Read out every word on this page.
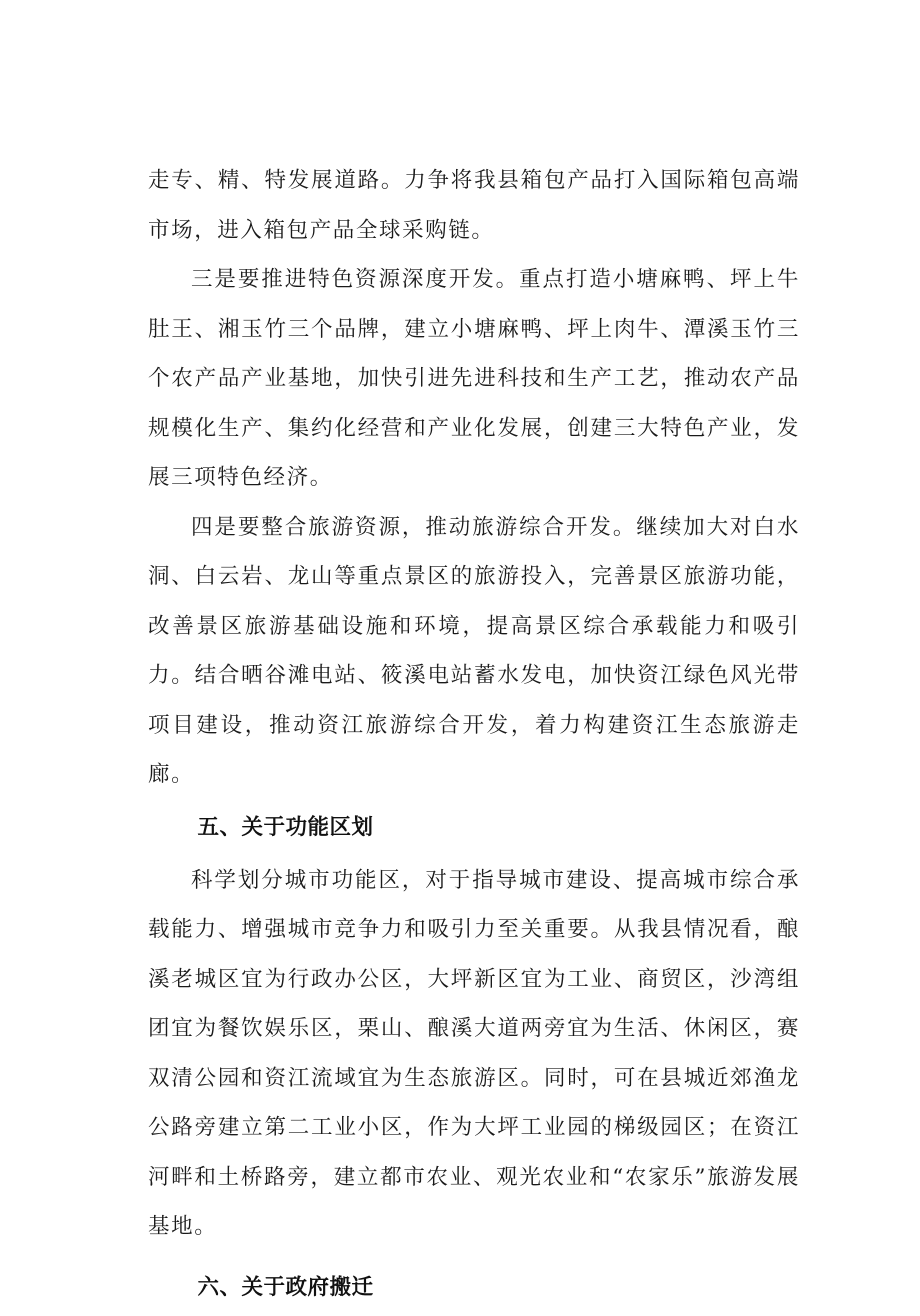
走专、精、特发展道路。力争将我县箱包产品打入国际箱包高端市场，进入箱包产品全球采购链。

三是要推进特色资源深度开发。重点打造小塘麻鸭、坪上牛肚王、湘玉竹三个品牌，建立小塘麻鸭、坪上肉牛、潭溪玉竹三个农产品产业基地，加快引进先进科技和生产工艺，推动农产品规模化生产、集约化经营和产业化发展，创建三大特色产业，发展三项特色经济。

四是要整合旅游资源，推动旅游综合开发。继续加大对白水洞、白云岩、龙山等重点景区的旅游投入，完善景区旅游功能，改善景区旅游基础设施和环境，提高景区综合承载能力和吸引力。结合晒谷滩电站、筱溪电站蓄水发电，加快资江绿色风光带项目建设，推动资江旅游综合开发，着力构建资江生态旅游走廊。

五、关于功能区划

科学划分城市功能区，对于指导城市建设、提高城市综合承载能力、增强城市竞争力和吸引力至关重要。从我县情况看，酿溪老城区宜为行政办公区，大坪新区宜为工业、商贸区，沙湾组团宜为餐饮娱乐区，栗山、酿溪大道两旁宜为生活、休闲区，赛双清公园和资江流域宜为生态旅游区。同时，可在县城近郊渔龙公路旁建立第二工业小区，作为大坪工业园的梯级园区；在资江河畔和土桥路旁，建立都市农业、观光农业和“农家乐”旅游发展基地。

六、关于政府搬迁
